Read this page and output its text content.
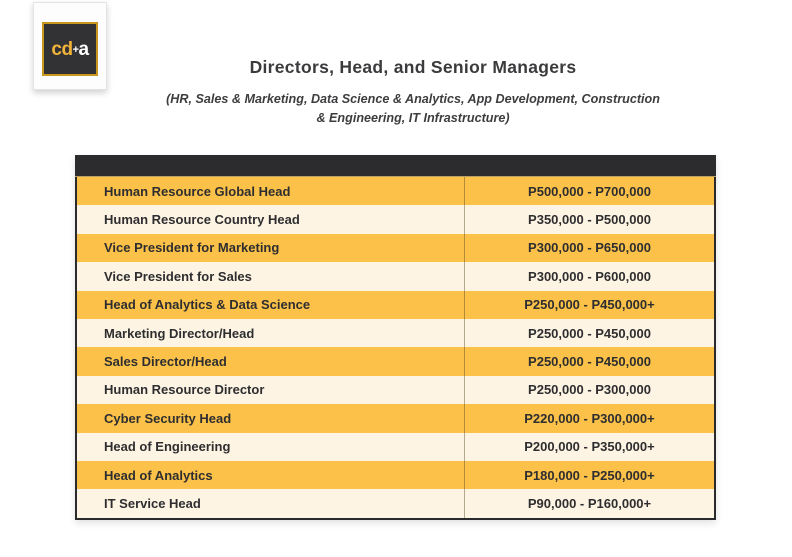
cd+a
Directors, Head, and Senior Managers
(HR, Sales & Marketing, Data Science & Analytics, App Development, Construction
& Engineering, IT Infrastructure)
Human Resource Global Head	P500,000 - P700,000
Human Resource Country Head	P350,000 - P500,000
Vice President for Marketing	P300,000 - P650,000
Vice President for Sales	P300,000 - P600,000
Head of Analytics & Data Science	P250,000 - P450,000+
Marketing Director/Head	P250,000 - P450,000
Sales Director/Head	P250,000 - P450,000
Human Resource Director	P250,000 - P300,000
Cyber Security Head	P220,000 - P300,000+
Head of Engineering	P200,000 - P350,000+
Head of Analytics	P180,000 - P250,000+
IT Service Head	P90,000 - P160,000+
